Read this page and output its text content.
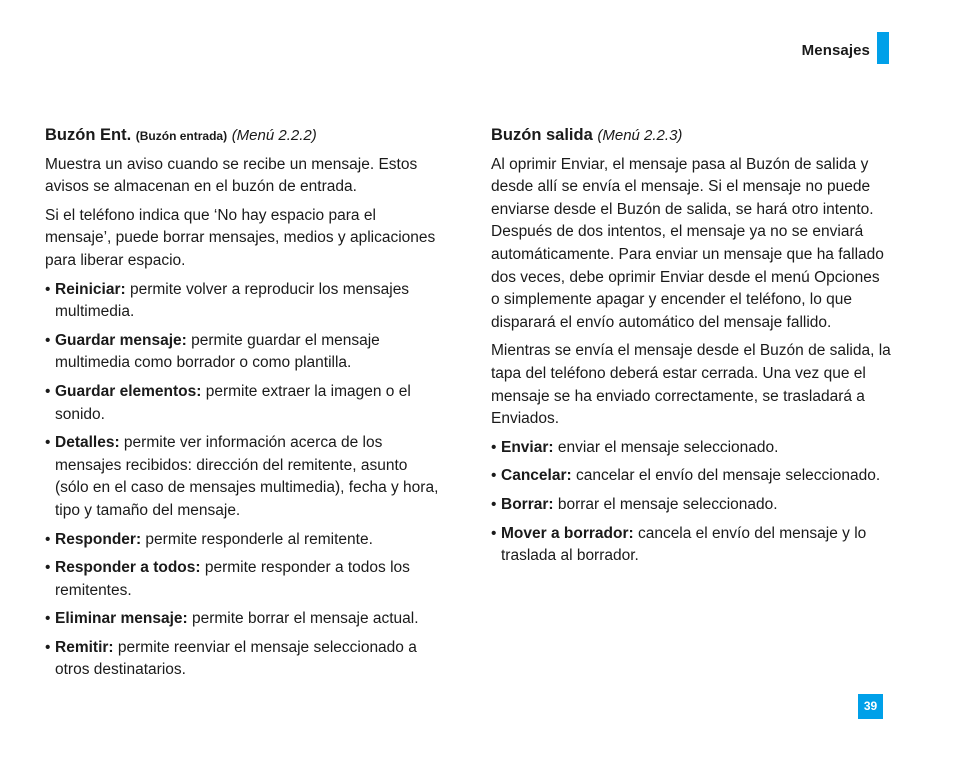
Mensajes
Buzón Ent. (Buzón entrada) (Menú 2.2.2)

Muestra un aviso cuando se recibe un mensaje. Estos avisos se almacenan en el buzón de entrada.

Si el teléfono indica que ‘No hay espacio para el mensaje’, puede borrar mensajes, medios y aplicaciones para liberar espacio.

• Reiniciar: permite volver a reproducir los mensajes multimedia.
• Guardar mensaje: permite guardar el mensaje multimedia como borrador o como plantilla.
• Guardar elementos: permite extraer la imagen o el sonido.
• Detalles: permite ver información acerca de los mensajes recibidos: dirección del remitente, asunto (sólo en el caso de mensajes multimedia), fecha y hora, tipo y tamaño del mensaje.
• Responder: permite responderle al remitente.
• Responder a todos: permite responder a todos los remitentes.
• Eliminar mensaje: permite borrar el mensaje actual.
• Remitir: permite reenviar el mensaje seleccionado a otros destinatarios.
Buzón salida (Menú 2.2.3)

Al oprimir Enviar, el mensaje pasa al Buzón de salida y desde allí se envía el mensaje. Si el mensaje no puede enviarse desde el Buzón de salida, se hará otro intento. Después de dos intentos, el mensaje ya no se enviará automáticamente. Para enviar un mensaje que ha fallado dos veces, debe oprimir Enviar desde el menú Opciones o simplemente apagar y encender el teléfono, lo que disparará el envío automático del mensaje fallido.

Mientras se envía el mensaje desde el Buzón de salida, la tapa del teléfono deberá estar cerrada. Una vez que el mensaje se ha enviado correctamente, se trasladará a Enviados.

• Enviar: enviar el mensaje seleccionado.
• Cancelar: cancelar el envío del mensaje seleccionado.
• Borrar: borrar el mensaje seleccionado.
• Mover a borrador: cancela el envío del mensaje y lo traslada al borrador.
39
